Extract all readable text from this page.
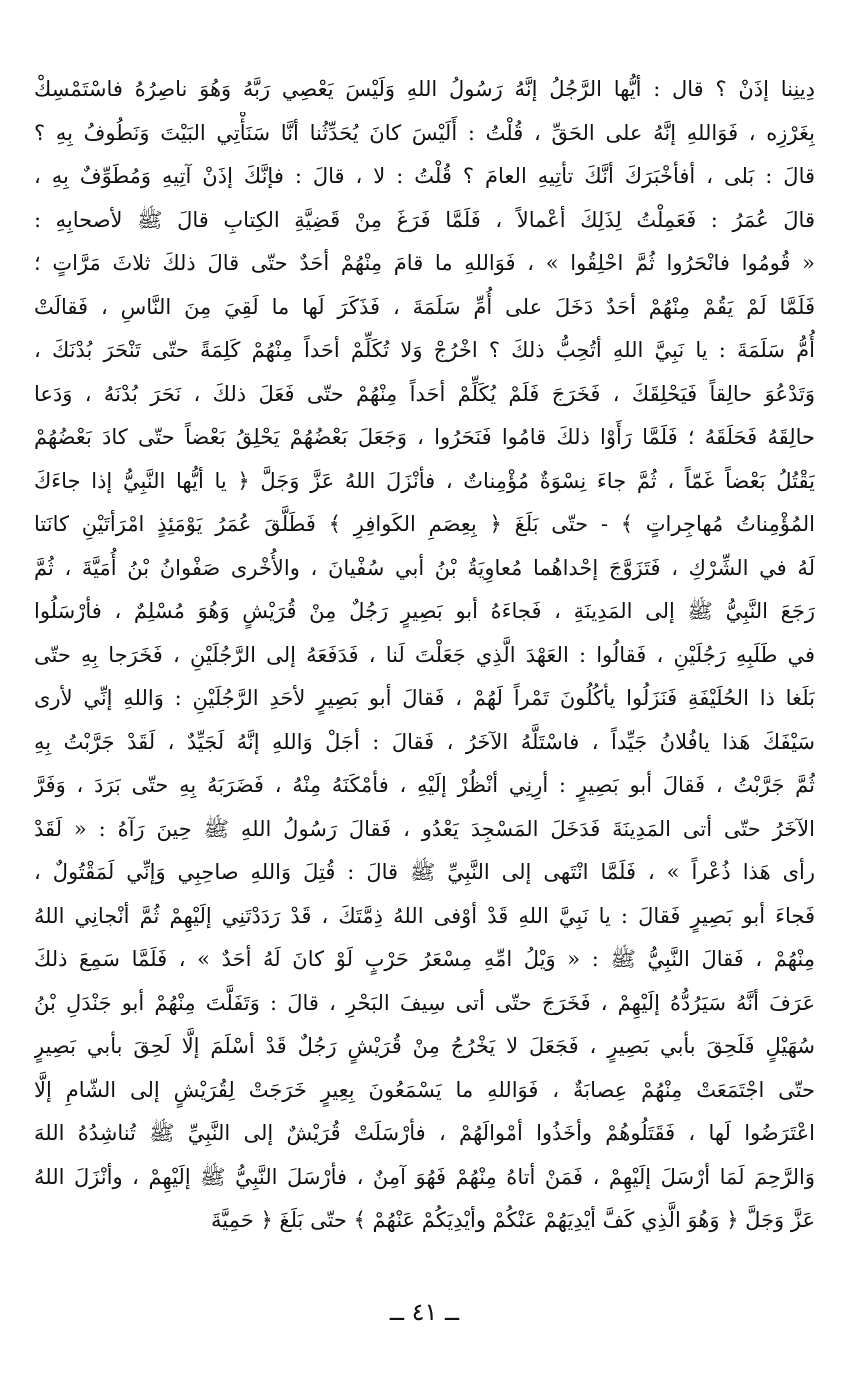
دِينِنا إذَنْ ؟ قال : أيُّها الرَّجُلُ إنَّهُ رَسُولُ اللهِ وَلَيْسَ يَعْصِي رَبَّهُ وَهُوَ ناصِرُهُ فاسْتَمْسِكْ
بِغَرْزِه ، فَوَاللهِ إنَّهُ على الحَقِّ ، قُلْتُ : أَلَيْسَ كانَ يُحَدِّثُنا أنَّا سَنَأْتِي البَيْتَ وَنَطُوفُ بِهِ ؟
قالَ : بَلى ، أفأخْبَرَكَ أنَّكَ تأتِيهِ العامَ ؟ قُلْتُ : لا ، قالَ : فإنَّكَ إذَنْ آتِيهِ وَمُطَوِّفٌ بِهِ ،
قالَ عُمَرُ : فَعَمِلْتُ لِذَلِكَ أعْمالاً ، فَلَمَّا فَرَغَ مِنْ قَضِيَّةِ الكِتابِ قالَ ﷺ لأصحابِهِ :
« قُومُوا فانْحَرُوا ثُمَّ احْلِقُوا » ، فَوَاللهِ ما قامَ مِنْهُمْ أحَدٌ حتّى قالَ ذلكَ ثلاثَ مَرَّاتٍ ؛
فَلَمَّا لَمْ يَقُمْ مِنْهُمْ أحَدٌ دَخَلَ على أُمِّ سَلَمَةَ ، فَذَكَرَ لَها ما لَقِيَ مِنَ النَّاسِ ، فَقالَتْ
أُمُّ سَلَمَةَ : يا نَبِيَّ اللهِ أتُحِبُّ ذلكَ ؟ اخْرُجْ وَلا تُكَلِّمْ أحَداً مِنْهُمْ كَلِمَةً حتّى تَنْحَرَ بُدْنَكَ ،
وَتَدْعُوَ حالِقاً فَيَحْلِقَكَ ، فَخَرَجَ فَلَمْ يُكَلِّمْ أحَداً مِنْهُمْ حتّى فَعَلَ ذلكَ ، نَحَرَ بُدْنَهُ ، وَدَعا
حالِقَهُ فَحَلَقَهُ ؛ فَلَمَّا رَأَوْا ذلكَ قامُوا فَنَحَرُوا ، وَجَعَلَ بَعْضُهُمْ يَحْلِقُ بَعْضاً حتّى كادَ بَعْضُهُمْ
يَقْتُلُ بَعْضاً غَمّاً ، ثُمَّ جاءَ نِسْوَةٌ مُؤْمِناتٌ ، فأنْزَلَ اللهُ عَزَّ وَجَلَّ ﴿ يا أيُّها النَّبِيُّ إذا جاءَكَ
المُؤْمِناتُ مُهاجِراتٍ ﴾ - حتّى بَلَغَ ﴿ بِعِصَمِ الكَوافِرِ ﴾ فَطَلَّقَ عُمَرُ يَوْمَئِذٍ امْرَأتَيْنِ كانَتا
لَهُ في الشِّرْكِ ، فَتَزَوَّجَ إحْداهُما مُعاوِيَةُ بْنُ أبي سُفْيانَ ، والأُخْرى صَفْوانُ بْنُ أُمَيَّةَ ، ثُمَّ
رَجَعَ النَّبِيُّ ﷺ إلى المَدِينَةِ ، فَجاءَهُ أبو بَصِيرٍ رَجُلٌ مِنْ قُرَيْشٍ وَهُوَ مُسْلِمٌ ، فأرْسَلُوا
في طَلَبِهِ رَجُلَيْنِ ، فَقالُوا : العَهْدَ الَّذِي جَعَلْتَ لَنا ، فَدَفَعَهُ إلى الرَّجُلَيْنِ ، فَخَرَجا بِهِ حتّى
بَلَغا ذا الحُلَيْفَةِ فَنَزَلُوا يأكُلُونَ تَمْراً لَهُمْ ، فَقالَ أبو بَصِيرٍ لأحَدِ الرَّجُلَيْنِ : وَاللهِ إنِّي لأرى
سَيْفَكَ هَذا يافُلانُ جَيِّداً ، فاسْتَلَّهُ الآخَرُ ، فَقالَ : أجَلْ وَاللهِ إنَّهُ لَجَيِّدٌ ، لَقَدْ جَرَّبْتُ بِهِ
ثُمَّ جَرَّبْتُ ، فَقالَ أبو بَصِيرٍ : أرِنِي أنْظُرْ إلَيْهِ ، فأمْكَنَهُ مِنْهُ ، فَضَرَبَهُ بِهِ حتّى بَرَدَ ، وَفَرَّ
الآخَرُ حتّى أتى المَدِينَةَ فَدَخَلَ المَسْجِدَ يَعْدُو ، فَقالَ رَسُولُ اللهِ ﷺ حِينَ رَآهُ : « لَقَدْ
رأى هَذا ذُعْراً » ، فَلَمَّا انْتَهى إلى النَّبِيِّ ﷺ قالَ : قُتِلَ وَاللهِ صاحِبِي وَإنِّي لَمَقْتُولٌ ،
فَجاءَ أبو بَصِيرٍ فَقالَ : يا نَبِيَّ اللهِ قَدْ أوْفى اللهُ ذِمَّتَكَ ، قَدْ رَدَدْتَنِي إلَيْهِمْ ثُمَّ أنْجانِي اللهُ
مِنْهُمْ ، فَقالَ النَّبِيُّ ﷺ : « وَيْلُ امِّهِ مِسْعَرُ حَرْبٍ لَوْ كانَ لَهُ أحَدٌ » ، فَلَمَّا سَمِعَ ذلكَ
عَرَفَ أنَّهُ سَيَرُدُّهُ إلَيْهِمْ ، فَخَرَجَ حتّى أتى سِيفَ البَحْرِ ، قالَ : وَتَفَلَّتَ مِنْهُمْ أبو جَنْدَلِ بْنُ
سُهَيْلٍ فَلَحِقَ بأبي بَصِيرٍ ، فَجَعَلَ لا يَخْرُجُ مِنْ قُرَيْشٍ رَجُلٌ قَدْ أسْلَمَ إلَّا لَحِقَ بأبي بَصِيرٍ
حتّى اجْتَمَعَتْ مِنْهُمْ عِصابَةٌ ، فَوَاللهِ ما يَسْمَعُونَ بِعِيرٍ خَرَجَتْ لِقُرَيْشٍ إلى الشّامِ إلَّا
اعْتَرَضُوا لَها ، فَقَتَلُوهُمْ وأخَذُوا أمْوالَهُمْ ، فأرْسَلَتْ قُرَيْشٌ إلى النَّبِيِّ ﷺ تُناشِدُهُ اللهَ
وَالرَّحِمَ لَمَا أرْسَلَ إلَيْهِمْ ، فَمَنْ أتاهُ مِنْهُمْ فَهُوَ آمِنٌ ، فأرْسَلَ النَّبِيُّ ﷺ إلَيْهِمْ ، وأنْزَلَ اللهُ
عَزَّ وَجَلَّ ﴿ وَهُوَ الَّذِي كَفَّ أيْدِيَهُمْ عَنْكُمْ وأيْدِيَكُمْ عَنْهُمْ ﴾ حتّى بَلَغَ ﴿ حَمِيَّةَ
ــ ٤١ ــ
